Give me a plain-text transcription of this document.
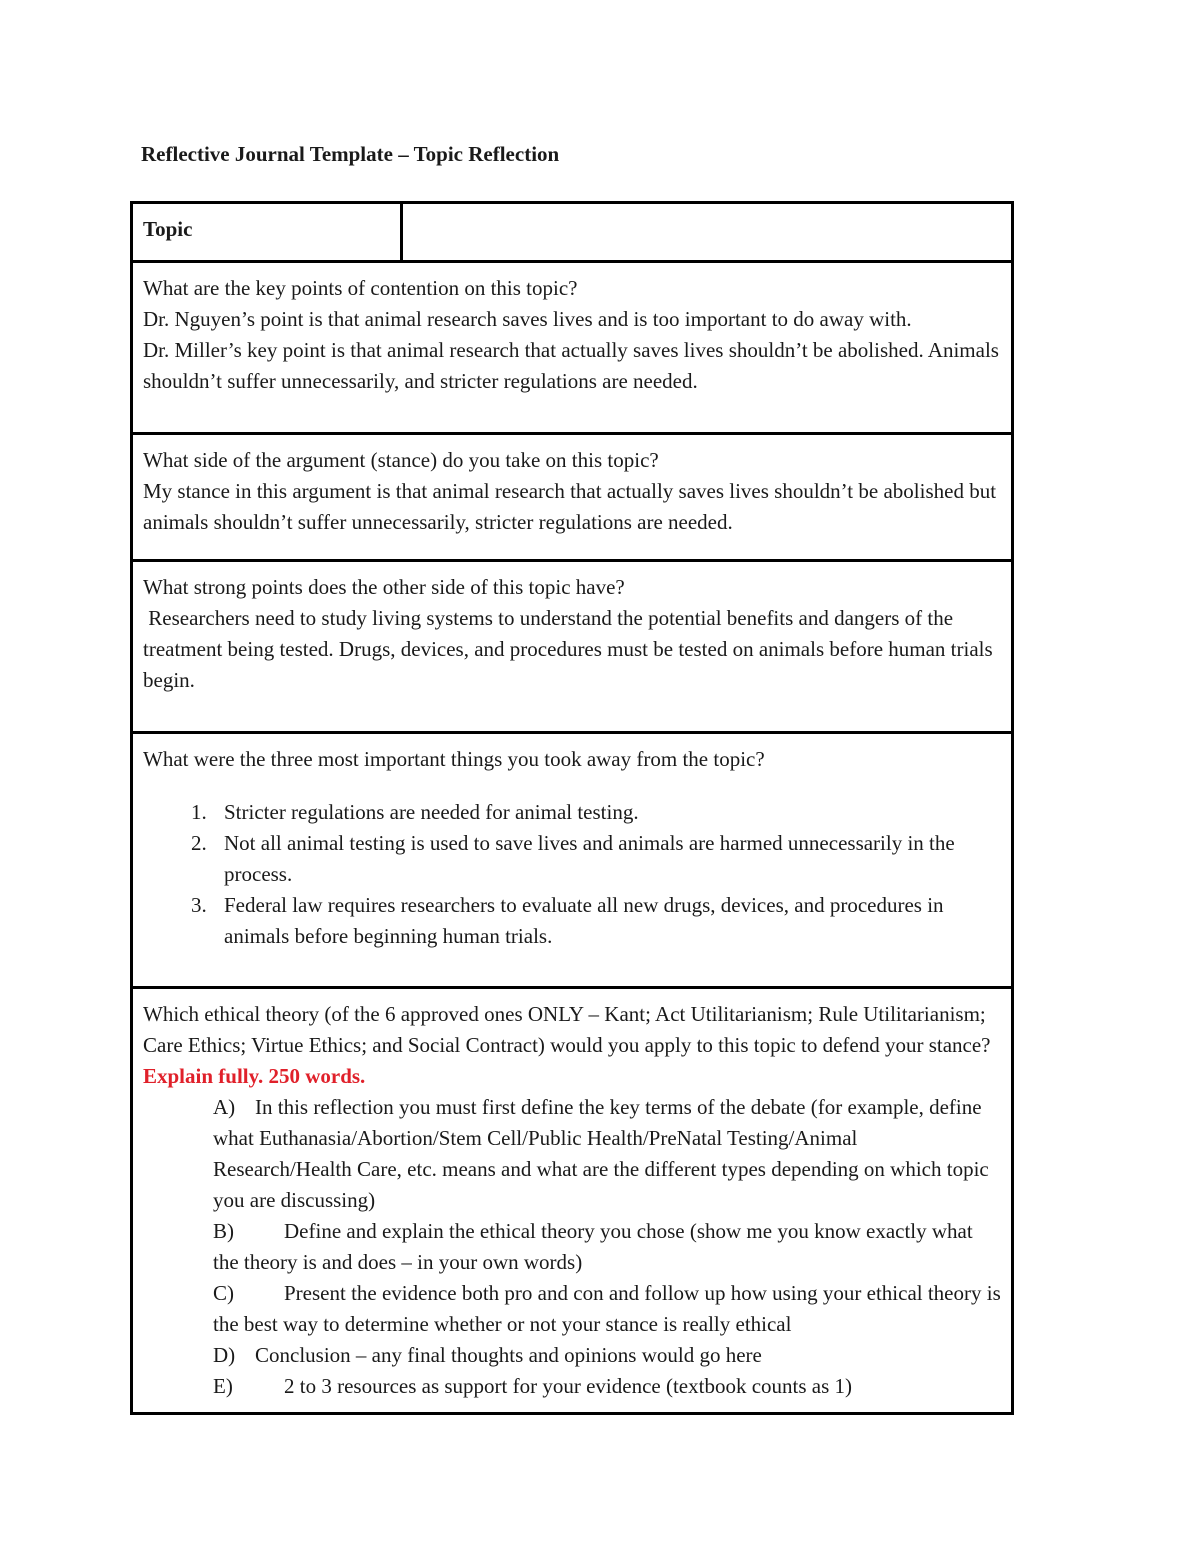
Reflective Journal Template – Topic Reflection
Topic	

What are the key points of contention on this topic?

Dr. Nguyen’s point is that animal research saves lives and is too important to do away with.

Dr. Miller’s key point is that animal research that actually saves lives shouldn’t be abolished. Animals shouldn’t suffer unnecessarily, and stricter regulations are needed.

What side of the argument (stance) do you take on this topic?

My stance in this argument is that animal research that actually saves lives shouldn’t be abolished but animals shouldn’t suffer unnecessarily, stricter regulations are needed.

What strong points does the other side of this topic have?

Researchers need to study living systems to understand the potential benefits and dangers of the treatment being tested. Drugs, devices, and procedures must be tested on animals before human trials begin.

What were the three most important things you took away from the topic?

1. Stricter regulations are needed for animal testing.
2. Not all animal testing is used to save lives and animals are harmed unnecessarily in the process.
3. Federal law requires researchers to evaluate all new drugs, devices, and procedures in animals before beginning human trials.

Which ethical theory (of the 6 approved ones ONLY – Kant; Act Utilitarianism; Rule Utilitarianism; Care Ethics; Virtue Ethics; and Social Contract) would you apply to this topic to defend your stance? Explain fully. 250 words.

A) In this reflection you must first define the key terms of the debate (for example, define what Euthanasia/Abortion/Stem Cell/Public Health/PreNatal Testing/Animal Research/Health Care, etc. means and what are the different types depending on which topic you are discussing)

B) Define and explain the ethical theory you chose (show me you know exactly what the theory is and does – in your own words)

C) Present the evidence both pro and con and follow up how using your ethical theory is the best way to determine whether or not your stance is really ethical

D) Conclusion – any final thoughts and opinions would go here

E) 2 to 3 resources as support for your evidence (textbook counts as 1)
